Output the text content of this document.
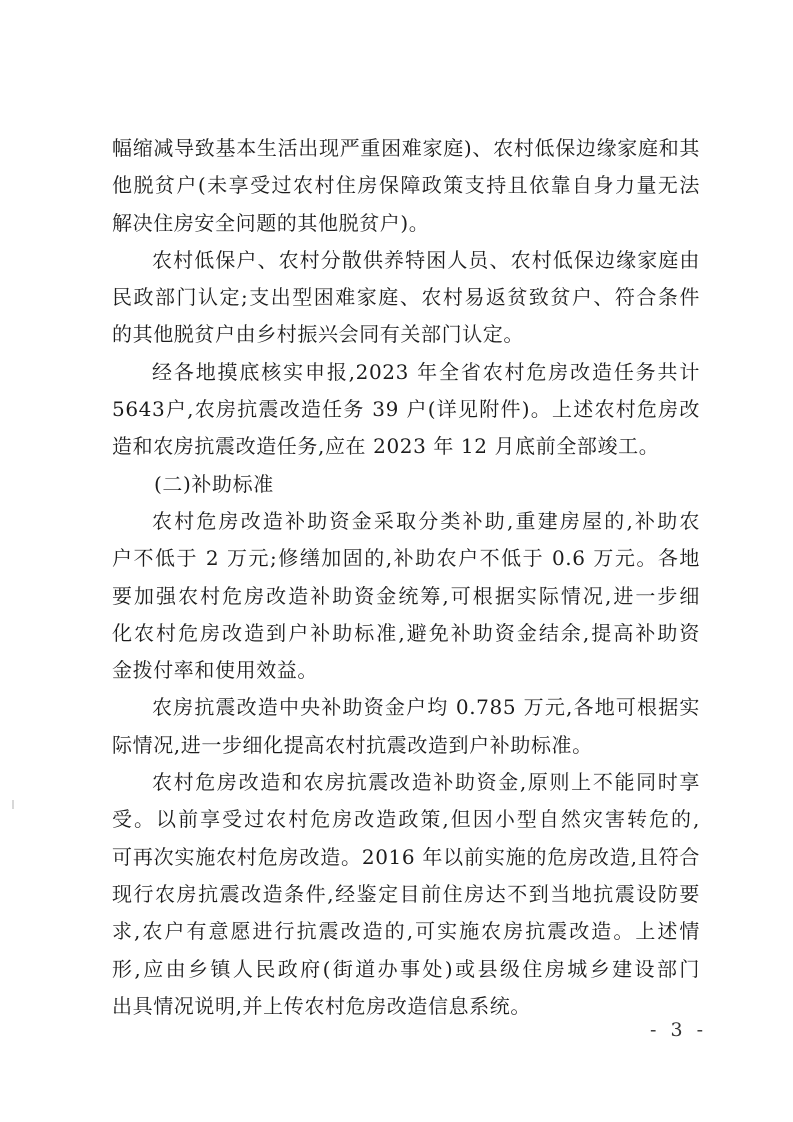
幅缩减导致基本生活出现严重困难家庭)、农村低保边缘家庭和其
他脱贫户(未享受过农村住房保障政策支持且依靠自身力量无法
解决住房安全问题的其他脱贫户)。
农村低保户、农村分散供养特困人员、农村低保边缘家庭由
民政部门认定;支出型困难家庭、农村易返贫致贫户、符合条件
的其他脱贫户由乡村振兴会同有关部门认定。
经各地摸底核实申报,2023 年全省农村危房改造任务共计
5643户,农房抗震改造任务 39 户(详见附件)。上述农村危房改
造和农房抗震改造任务,应在 2023 年 12 月底前全部竣工。
(二)补助标准
农村危房改造补助资金采取分类补助,重建房屋的,补助农
户不低于 2 万元;修缮加固的,补助农户不低于 0.6 万元。各地
要加强农村危房改造补助资金统筹,可根据实际情况,进一步细
化农村危房改造到户补助标准,避免补助资金结余,提高补助资
金拨付率和使用效益。
农房抗震改造中央补助资金户均 0.785 万元,各地可根据实
际情况,进一步细化提高农村抗震改造到户补助标准。
农村危房改造和农房抗震改造补助资金,原则上不能同时享
受。以前享受过农村危房改造政策,但因小型自然灾害转危的,
可再次实施农村危房改造。2016 年以前实施的危房改造,且符合
现行农房抗震改造条件,经鉴定目前住房达不到当地抗震设防要
求,农户有意愿进行抗震改造的,可实施农房抗震改造。上述情
形,应由乡镇人民政府(街道办事处)或县级住房城乡建设部门
出具情况说明,并上传农村危房改造信息系统。
- 3 -
